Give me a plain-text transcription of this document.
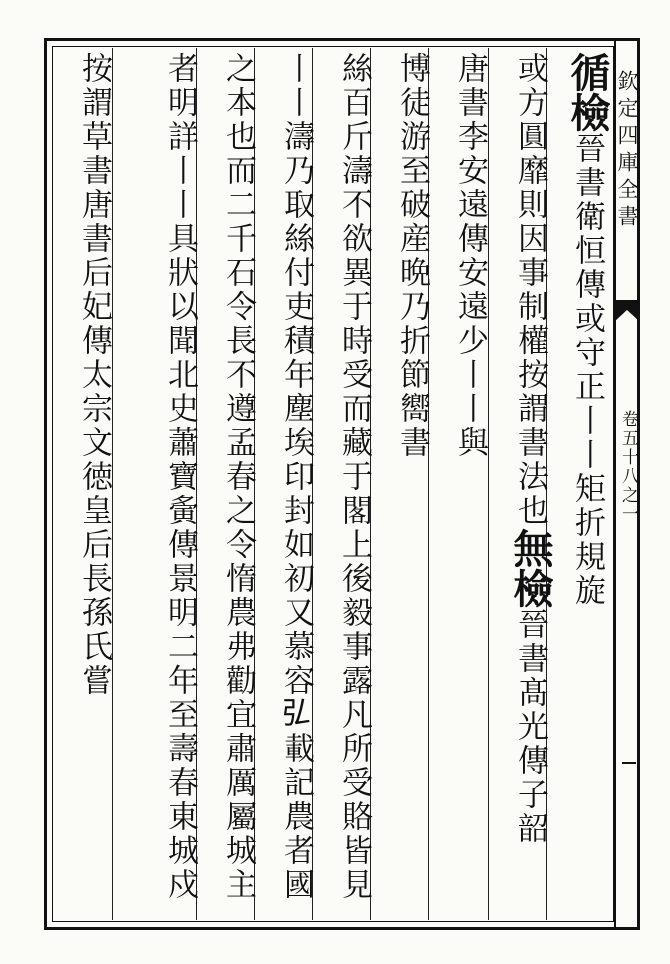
欽定四庫全書
卷五十八之一
循檢晉書衛恒傳或守正丨丨矩折規旋
或方圓靡則因事制權按謂書法也無檢晉書髙光傳子韶
唐書李安遠傳安遠少丨丨與
博徒游至破産晩乃折節嚮書
絲百斤濤不欲異于時受而藏于閣上後毅事露凡所受賂皆見
丨丨濤乃取絲付吏積年塵埃印封如初又慕容𢎞載記農者國
之本也而二千石令長不遵孟春之令惰農弗勸宜肅厲屬城主
者明詳丨丨具狀以聞北史蕭寶夤傳景明二年至壽春東城戍
按謂草書唐書后妃傳太宗文徳皇后長孫氏嘗
